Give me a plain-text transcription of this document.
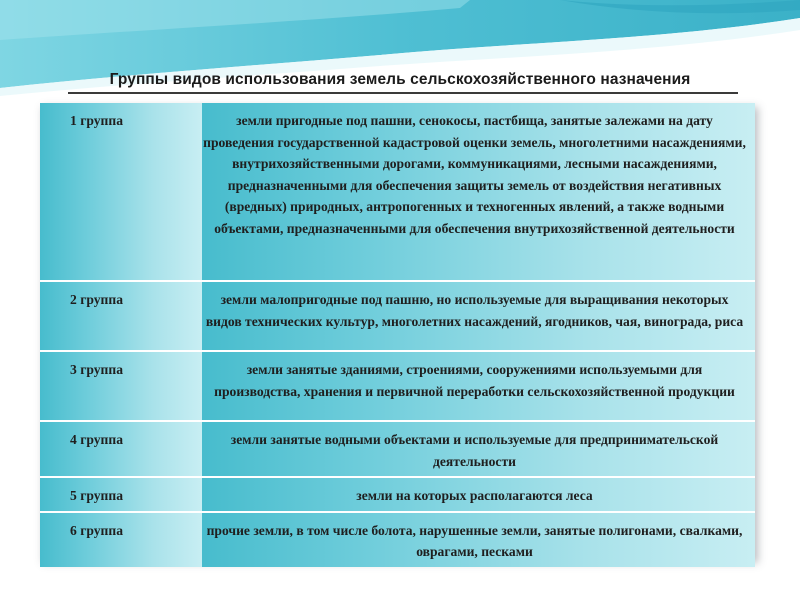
Группы видов использования земель сельскохозяйственного назначения
1 группа	земли пригодные под пашни, сенокосы, пастбища, занятые залежами на дату проведения государственной кадастровой оценки земель, многолетними насаждениями, внутрихозяйственными дорогами, коммуникациями, лесными насаждениями, предназначенными для обеспечения защиты земель от воздействия негативных (вредных) природных, антропогенных и техногенных явлений, а также водными объектами, предназначенными для обеспечения внутрихозяйственной деятельности
2 группа	земли малопригодные под пашню, но используемые для выращивания некоторых видов технических культур, многолетних насаждений, ягодников, чая, винограда, риса
3 группа	земли занятые зданиями, строениями, сооружениями используемыми для производства, хранения и первичной переработки сельскохозяйственной продукции
4 группа	земли занятые водными объектами и используемые для предпринимательской деятельности
5 группа	земли на которых располагаются леса
6 группа	прочие земли, в том числе болота, нарушенные земли, занятые полигонами, свалками, оврагами, песками
